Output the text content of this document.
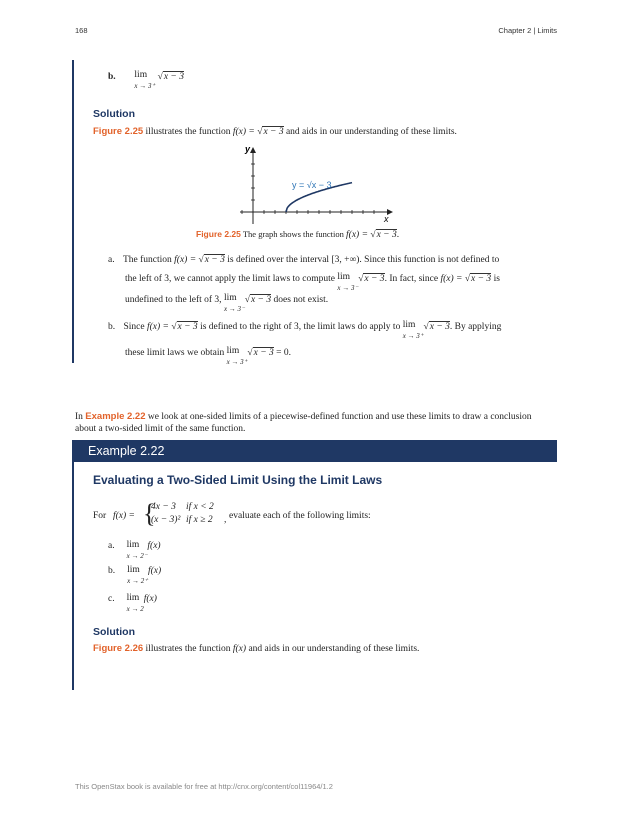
168	Chapter 2 | Limits
b. lim
x → 3⁺
√x − 3
Solution
Figure 2.25 illustrates the function f(x) = √x − 3 and aids in our understanding of these limits.
y
x
y = √x − 3
Figure 2.25 The graph shows the function f(x) = √x − 3.
a. The function f(x) = √x − 3 is defined over the interval [3, +∞). Since this function is not defined to
the left of 3, we cannot apply the limit laws to compute lim
x → 3⁻
√x − 3. In fact, since f(x) = √x − 3 is
undefined to the left of 3, lim
x → 3⁻
√x − 3 does not exist.
b. Since f(x) = √x − 3 is defined to the right of 3, the limit laws do apply to lim
x → 3⁺
√x − 3. By applying
these limit laws we obtain lim
x → 3⁺
√x − 3 = 0.
In Example 2.22 we look at one-sided limits of a piecewise-defined function and use these limits to draw a conclusion
about a two-sided limit of the same function.
Example 2.22
Evaluating a Two-Sided Limit Using the Limit Laws
For f(x) = {
4x − 3 if x < 2
(x − 3)² if x ≥ 2 , evaluate each of the following limits:
a. lim
x → 2⁻
f(x)
b. lim
x → 2⁺
f(x)
c. lim
x → 2
f(x)
Solution
Figure 2.26 illustrates the function f(x) and aids in our understanding of these limits.
This OpenStax book is available for free at http://cnx.org/content/col11964/1.2
